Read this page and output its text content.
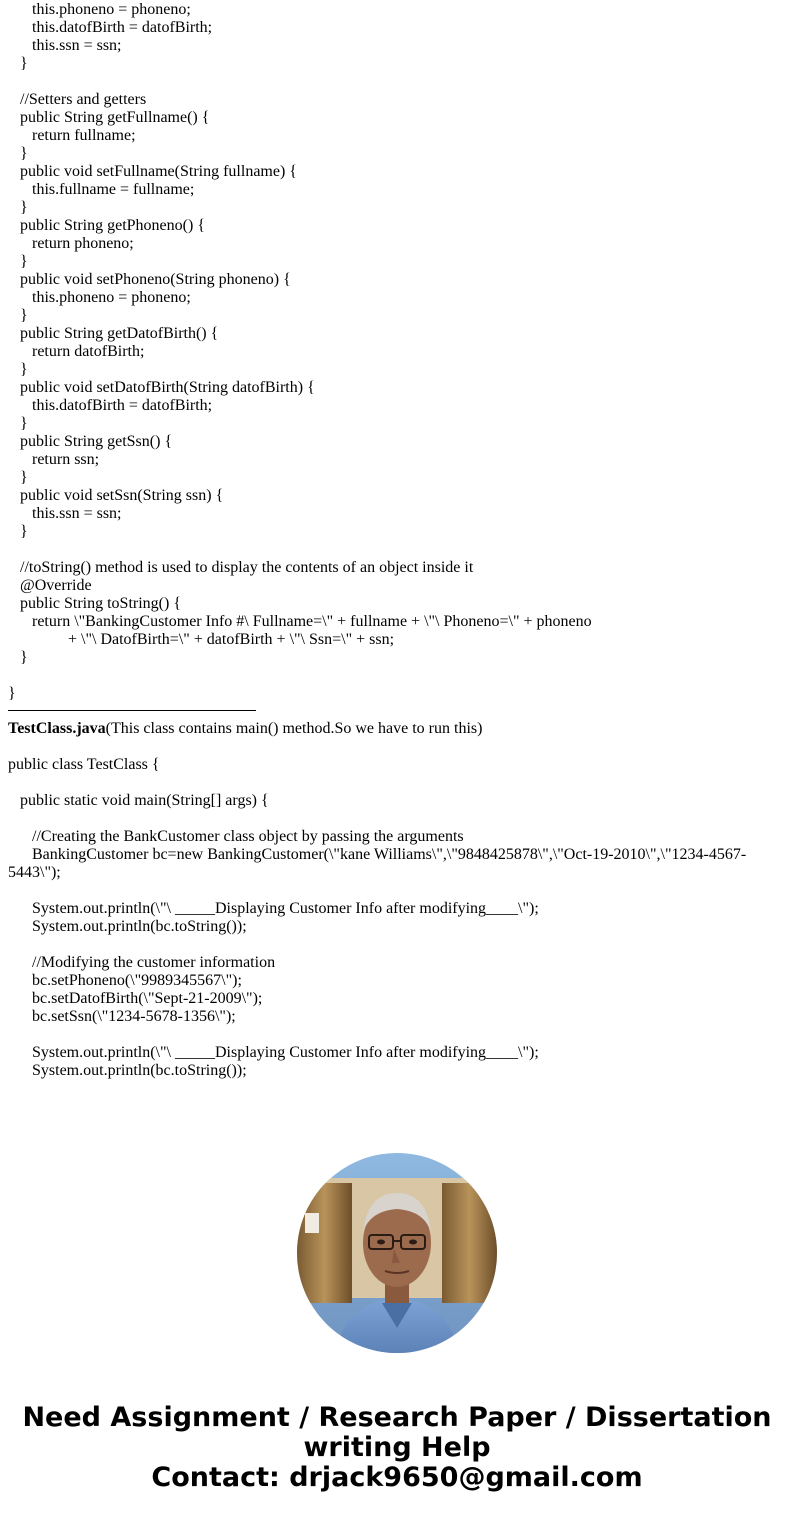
this.phoneno = phoneno;
this.datofBirth = datofBirth;
this.ssn = ssn;
}
//Setters and getters
public String getFullname() {
return fullname;
}
public void setFullname(String fullname) {
this.fullname = fullname;
}
public String getPhoneno() {
return phoneno;
}
public void setPhoneno(String phoneno) {
this.phoneno = phoneno;
}
public String getDatofBirth() {
return datofBirth;
}
public void setDatofBirth(String datofBirth) {
this.datofBirth = datofBirth;
}
public String getSsn() {
return ssn;
}
public void setSsn(String ssn) {
this.ssn = ssn;
}
//toString() method is used to display the contents of an object inside it
@Override
public String toString() {
return \"BankingCustomer Info #\ Fullname=\" + fullname + \"\ Phoneno=\" + phoneno
+ \"\ DatofBirth=\" + datofBirth + \"\ Ssn=\" + ssn;
}
}
TestClass.java(This class contains main() method.So we have to run this)
public class TestClass {
public static void main(String[] args) {
//Creating the BankCustomer class object by passing the arguments
BankingCustomer bc=new BankingCustomer(\"kane Williams\",\"9848425878\",\"Oct-19-2010\",\"1234-4567-5443\");
System.out.println(\"\ _____Displaying Customer Info after modifying____\");
System.out.println(bc.toString());
//Modifying the customer information
bc.setPhoneno(\"9989345567\");
bc.setDatofBirth(\"Sept-21-2009\");
bc.setSsn(\"1234-5678-1356\");
System.out.println(\"\ _____Displaying Customer Info after modifying____\");
System.out.println(bc.toString());
Need Assignment / Research Paper / Dissertation
writing Help
Contact: drjack9650@gmail.com
